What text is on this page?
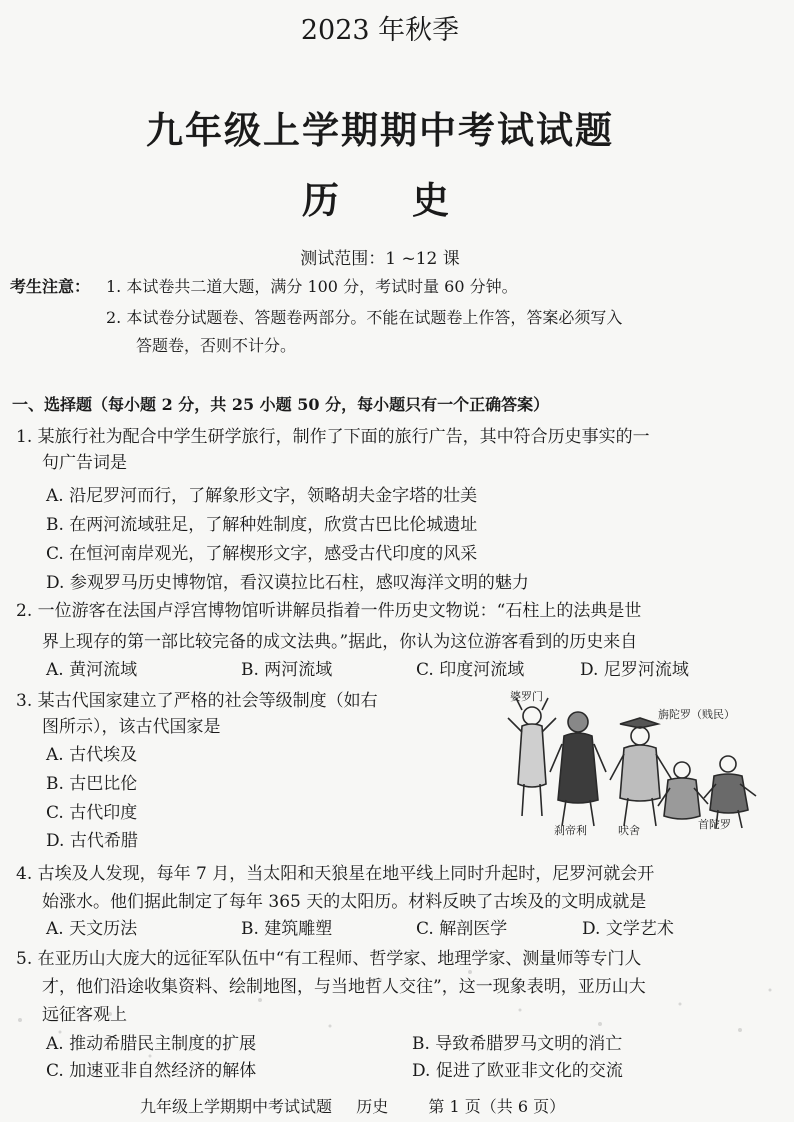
2023 年秋季
九年级上学期期中考试试题
历 史
测试范围：1 ~12 课
考生注意： 1. 本试卷共二道大题，满分 100 分，考试时量 60 分钟。
2. 本试卷分试题卷、答题卷两部分。不能在试题卷上作答，答案必须写入
答题卷，否则不计分。
一、选择题（每小题 2 分，共 25 小题 50 分，每小题只有一个正确答案）
1. 某旅行社为配合中学生研学旅行，制作了下面的旅行广告，其中符合历史事实的一
句广告词是
A. 沿尼罗河而行，了解象形文字，领略胡夫金字塔的壮美
B. 在两河流域驻足，了解种姓制度，欣赏古巴比伦城遗址
C. 在恒河南岸观光，了解楔形文字，感受古代印度的风采
D. 参观罗马历史博物馆，看汉谟拉比石柱，感叹海洋文明的魅力
2. 一位游客在法国卢浮宫博物馆听讲解员指着一件历史文物说：“石柱上的法典是世
界上现存的第一部比较完备的成文法典。”据此，你认为这位游客看到的历史来自
A. 黄河流域	B. 两河流域	C. 印度河流域	D. 尼罗河流域
3. 某古代国家建立了严格的社会等级制度（如右
图所示），该古代国家是
A. 古代埃及
B. 古巴比伦
C. 古代印度
D. 古代希腊
婆罗门
旃陀罗（贱民）
刹帝利	吠舍	首陀罗
4. 古埃及人发现，每年 7 月，当太阳和天狼星在地平线上同时升起时，尼罗河就会开
始涨水。他们据此制定了每年 365 天的太阳历。材料反映了古埃及的文明成就是
A. 天文历法	B. 建筑雕塑	C. 解剖医学	D. 文学艺术
5. 在亚历山大庞大的远征军队伍中“有工程师、哲学家、地理学家、测量师等专门人
才，他们沿途收集资料、绘制地图，与当地哲人交往”，这一现象表明，亚历山大
远征客观上
A. 推动希腊民主制度的扩展	B. 导致希腊罗马文明的消亡
C. 加速亚非自然经济的解体	D. 促进了欧亚非文化的交流
九年级上学期期中考试试题 历史	第 1 页（共 6 页）
